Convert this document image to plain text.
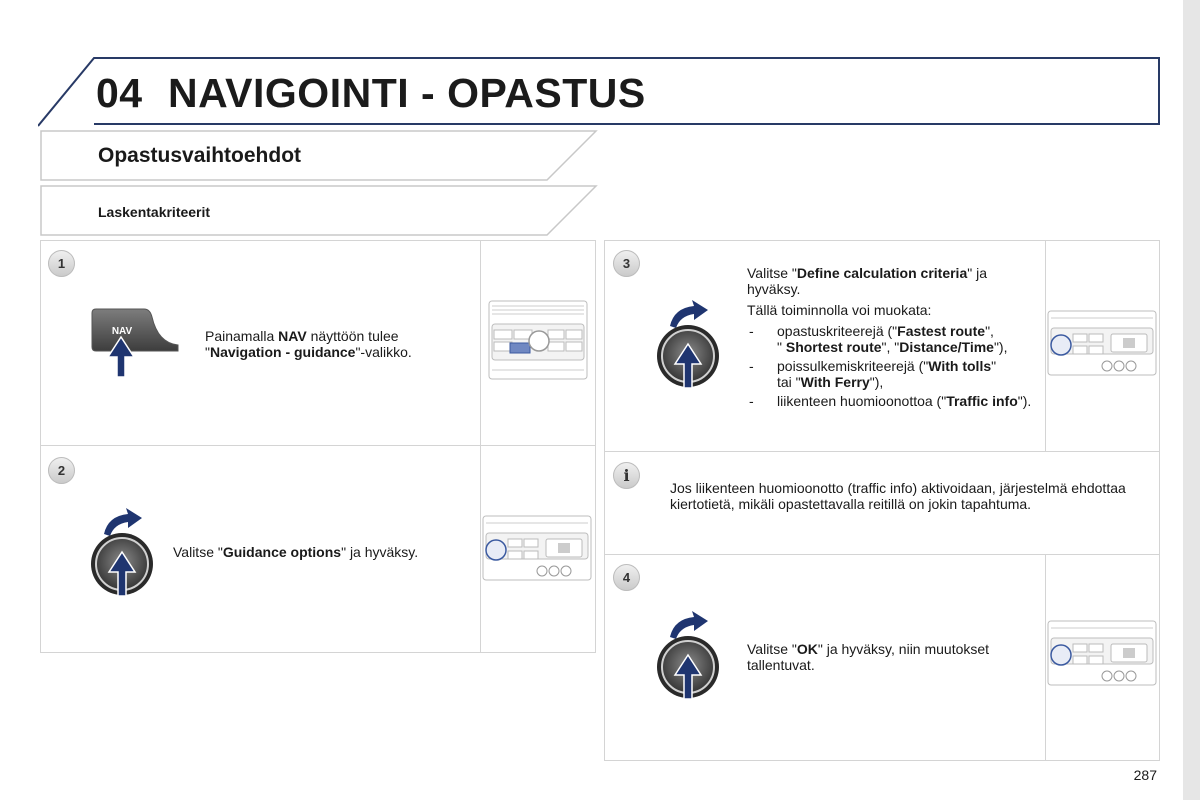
04 NAVIGOINTI - OPASTUS
Opastusvaihtoehdot
Laskentakriteerit
1
NAV	Painamalla NAV näyttöön tulee
"Navigation - guidance"-valikko.
2
Valitse "Guidance options" ja hyväksy.
3
Valitse "Define calculation criteria" ja hyväksy.
Tällä toiminnolla voi muokata:
- opastuskriteerejä ("Fastest route",
" Shortest route", "Distance/Time"),
- poissulkemiskriteerejä ("With tolls"
tai "With Ferry"),
- liikenteen huomioonottoa ("Traffic info").
i
Jos liikenteen huomioonotto (traffic info) aktivoidaan, järjestelmä ehdottaa kiertotietä, mikäli opastettavalla reitillä on jokin tapahtuma.
4
Valitse "OK" ja hyväksy, niin muutokset tallentuvat.
287
